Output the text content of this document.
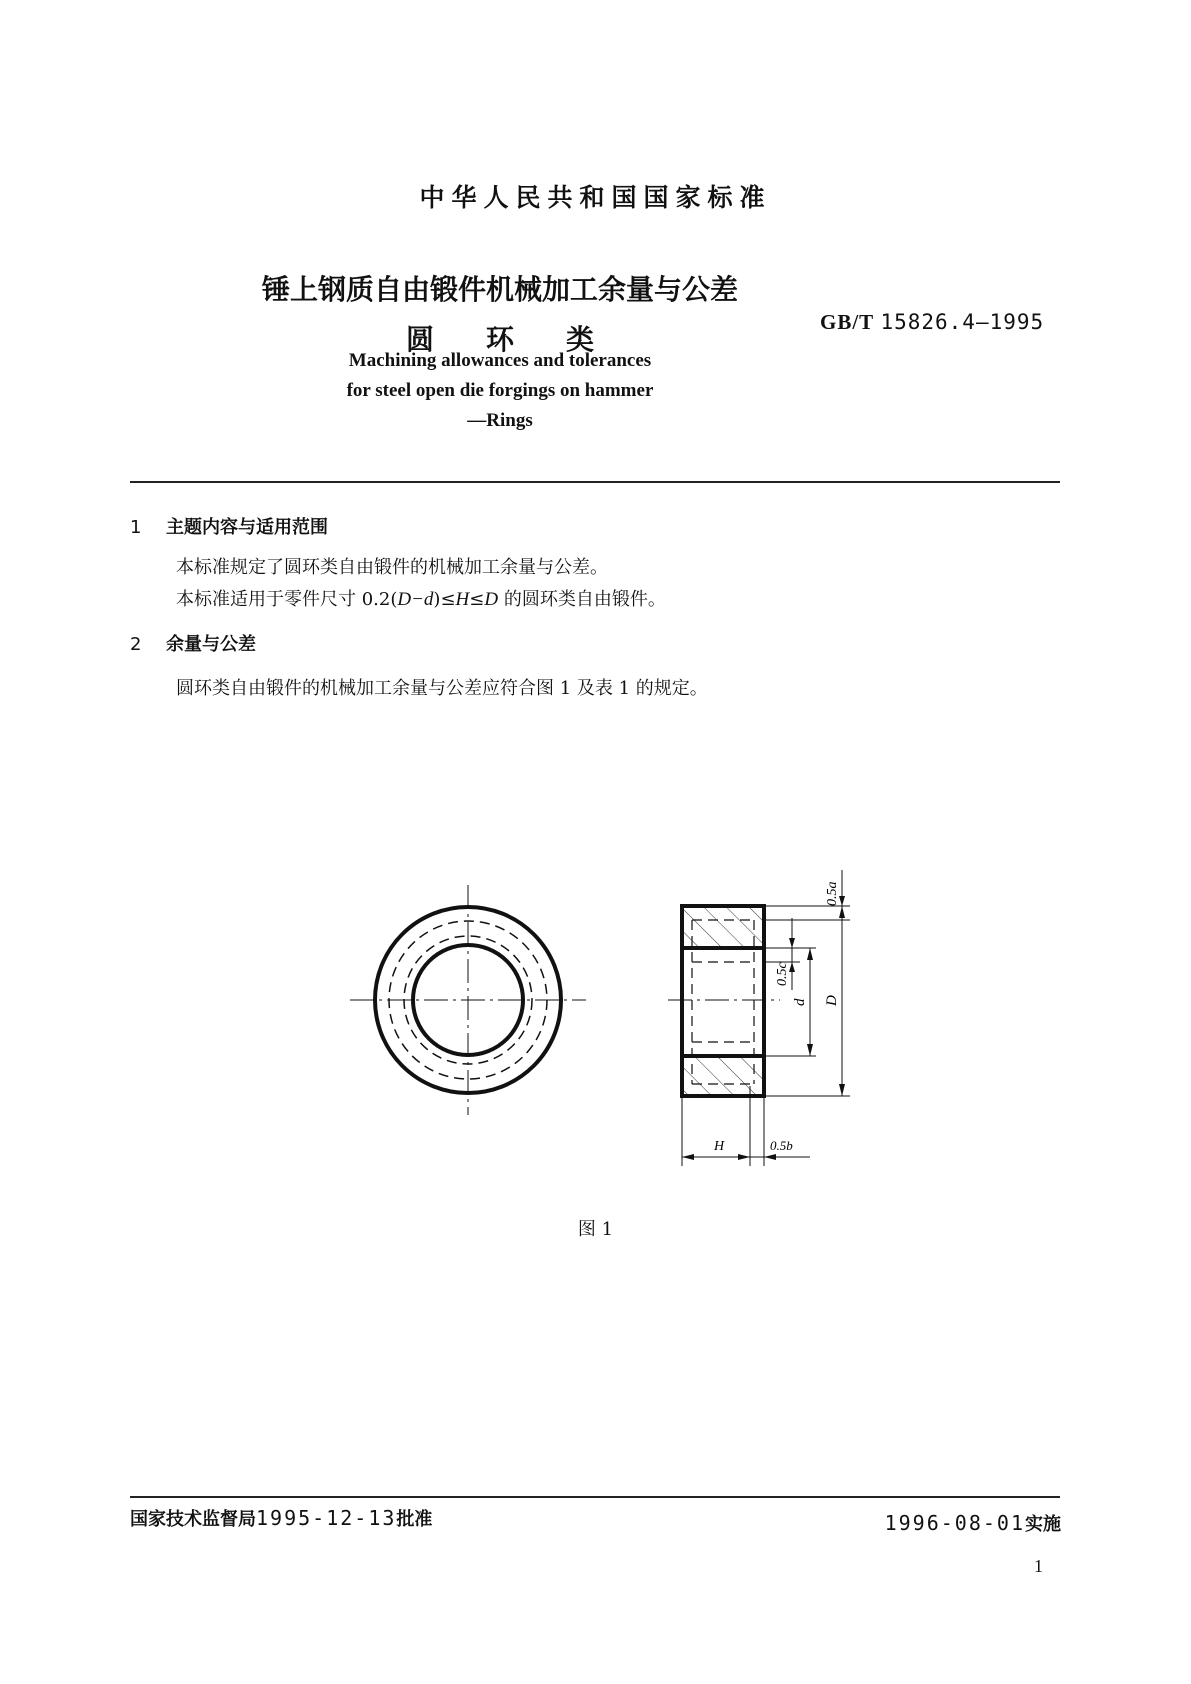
中华人民共和国国家标准
锤上钢质自由锻件机械加工余量与公差
圆环类
GB/T 15826.4—1995
Machining allowances and tolerances
for steel open die forgings on hammer
—Rings
1 主题内容与适用范围
本标准规定了圆环类自由锻件的机械加工余量与公差。
本标准适用于零件尺寸 0.2(D−d)≤H≤D 的圆环类自由锻件。
2 余量与公差
圆环类自由锻件的机械加工余量与公差应符合图 1 及表 1 的规定。
0.5a
0.5c
d D
H	0.5b
图 1
国家技术监督局1995-12-13批准	1996-08-01实施
1
